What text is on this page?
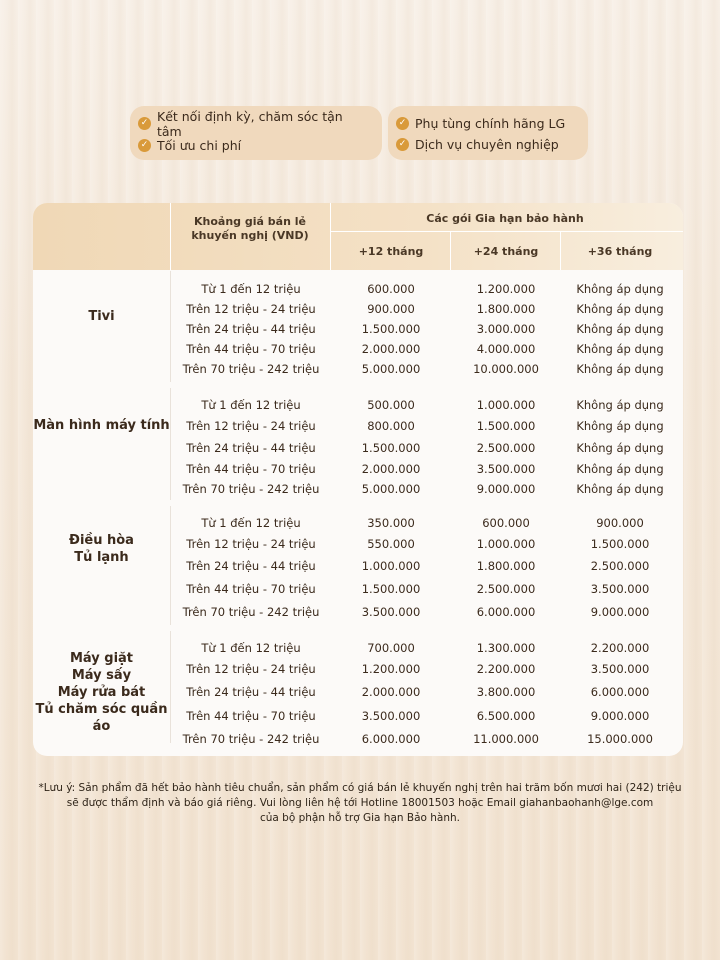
✓ Kết nối định kỳ, chăm sóc tận tâm
✓ Tối ưu chi phí
✓ Phụ tùng chính hãng LG
✓ Dịch vụ chuyên nghiệp
Khoảng giá bán lẻ khuyến nghị (VND)
Các gói Gia hạn bảo hành
+12 tháng	+24 tháng	+36 tháng
Tivi
Từ 1 đến 12 triệu	600.000	1.200.000	Không áp dụng
Trên 12 triệu - 24 triệu	900.000	1.800.000	Không áp dụng
Trên 24 triệu - 44 triệu	1.500.000	3.000.000	Không áp dụng
Trên 44 triệu - 70 triệu	2.000.000	4.000.000	Không áp dụng
Trên 70 triệu - 242 triệu	5.000.000	10.000.000	Không áp dụng
Màn hình máy tính
Từ 1 đến 12 triệu	500.000	1.000.000	Không áp dụng
Trên 12 triệu - 24 triệu	800.000	1.500.000	Không áp dụng
Trên 24 triệu - 44 triệu	1.500.000	2.500.000	Không áp dụng
Trên 44 triệu - 70 triệu	2.000.000	3.500.000	Không áp dụng
Trên 70 triệu - 242 triệu	5.000.000	9.000.000	Không áp dụng
Điều hòa
Tủ lạnh
Từ 1 đến 12 triệu	350.000	600.000	900.000
Trên 12 triệu - 24 triệu	550.000	1.000.000	1.500.000
Trên 24 triệu - 44 triệu	1.000.000	1.800.000	2.500.000
Trên 44 triệu - 70 triệu	1.500.000	2.500.000	3.500.000
Trên 70 triệu - 242 triệu	3.500.000	6.000.000	9.000.000
Máy giặt
Máy sấy
Máy rửa bát
Tủ chăm sóc quần áo
Từ 1 đến 12 triệu	700.000	1.300.000	2.200.000
Trên 12 triệu - 24 triệu	1.200.000	2.200.000	3.500.000
Trên 24 triệu - 44 triệu	2.000.000	3.800.000	6.000.000
Trên 44 triệu - 70 triệu	3.500.000	6.500.000	9.000.000
Trên 70 triệu - 242 triệu	6.000.000	11.000.000	15.000.000

*Lưu ý: Sản phẩm đã hết bảo hành tiêu chuẩn, sản phẩm có giá bán lẻ khuyến nghị trên hai trăm bốn mươi hai (242) triệu

sẽ được thẩm định và báo giá riêng. Vui lòng liên hệ tới Hotline 18001503 hoặc Email giahanbaohanh@lge.com

của bộ phận hỗ trợ Gia hạn Bảo hành.
